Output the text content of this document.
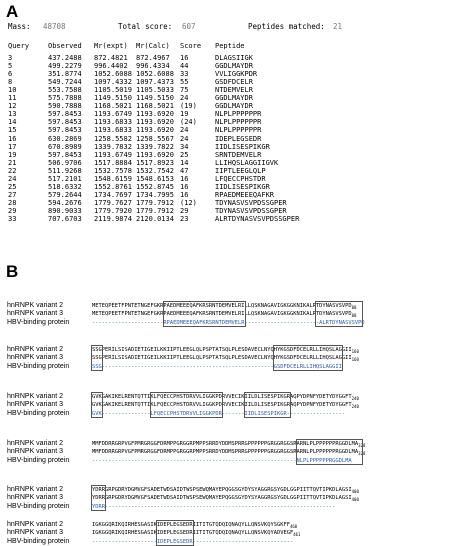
A
Mass: 48708	Total score: 607	Peptides matched: 21
Query	Observed	Mr(expt)	Mr(Calc)	Score	Peptide

3	437.2488	872.4821	872.4967	16	DLAGSIIGK
5	499.2279	996.4402	996.4334	44	GGDLMAYDR
6	351.8774	1052.6088	1052.6088	33	VVLIGGKPDR
8	549.7244	1097.4332	1097.4373	55	GSDFDCELR
10	553.7588	1105.5019	1105.5033	75	NTDEMVELR
11	575.7888	1149.5150	1149.5150	24	GGDLMAYDR
12	590.7888	1168.5021	1168.5021	(19)	GGDLMAYDR
13	597.8453	1193.6749	1193.6920	19	NLPLPPPPPPR
14	597.8453	1193.6833	1193.6920	(24)	NLPLPPPPPPR
15	597.8453	1193.6833	1193.6920	24	NLPLPPPPPPR
16	630.2869	1258.5582	1258.5567	24	IDEPLEGSEDR
17	670.8989	1339.7832	1339.7822	34	IIDLISESPIKGR
19	597.8453	1193.6749	1193.6920	25	SRNTDEMVELR
21	506.9706	1517.8884	1517.8923	14	LLIHQSLAGGIIGVK
22	511.9268	1532.7578	1532.7542	47	IIPTLEEGLQLP
24	517.2101	1548.6159	1548.6153	16	LFQECCPHSTDR
25	518.6332	1552.8761	1552.8745	16	IIDLISESPIKGR
27	579.2644	1734.7697	1734.7995	16	RPAEDMEEEQAFKR
28	594.2676	1779.7627	1779.7912	(12)	TDYNASVSVPDSSGPER
29	890.9033	1779.7920	1779.7912	29	TDYNASVSVPDSSGPER
33	707.6703	2119.9874	2120.0134	23	ALRTDYNASVSVPDSSGPER
B
hnRNPK variant 2	$METEQPEETFPNTETNGEFGKRPAEDMEEEQAFKRSRNTDEMVELRILLQSKNAGAVIGKGGKNIKALRTDYNASVSVPD_{80}$
hnRNPK variant 3	$METEQPEETFPNTETNGEFGKRPAEDMEEEQAFKRSRNTDEMVELRILLQSKNAGAVIGKGGKNIKALRTDYNASVSVPD_{80}$
HBV-binding protein	----------------------RPAEDMEEEQAFKRSRNTDEMVELR-----------------------ALRTDYNASVSVPD
hnRNPK variant 2	$SSGPERILSISADIETIGEILKKIIPTLEEGLQLPSPTATSQLPLESDAVECLNYQHYKGSDFDCELRLLIHQSLAGGII_{160}$
hnRNPK variant 3	$SSGPERILSISADIETIGEILKKIIPTLEEGLQLPSPTATSQLPLESDAVECLNYQHYKGSDFDCELRLLIHQSLAGGII_{160}$
HBV-binding protein	SSG-----------------------------------------------------GSDFDCELRLLIHQSLAGGII
hnRNPK variant 2	$GVKGAKIKELRENTQTTIKLFQECCPHSTDRVVLIGGKPDRVVECIKIILDLISESPIKGRAQPYDPNFYDETYDYGGFT_{240}$
hnRNPK variant 3	$GVKGAKIKELRENTQTTIKLFQECCPHSTDRVVLIGGKPDRVVECIKIILDLISESPIKGRAQPYDPNFYDETYDYGGFT_{240}$
HBV-binding protein	GVK---------------LFQECCPHSTDRVVLIGGKPDR-------IIDLISESPIKGR------------------
hnRNPK variant 2	$MMFDDRRGRPVGFPMRGRGGFDRMPPGRGGRPMPPSRRDYDDMSPRRGPPPPPPGRGGRGGSRARNLPLPPPPPPRGGDLMA_{320}$
hnRNPK variant 3	$MMFDDRRGRPVGFPMRGRGGFDRMPPGRGGRPMPPSRRDYDDMSPRRGPPPPPPGRGGRGGSRARNLPLPPPPPPRGGDLMA_{320}$
HBV-binding protein	---------------------------------------------------------------NLPLPPPPPPRGGDLMA
hnRNPK variant 2	$YDRRGRPGDRYDGMVGFSADETWDSAIDTWSPSEWQMAYEPQGGSGYDYSYAGGRGSYGDLGGPIITTQVTIPKDLAGSI_{400}$
hnRNPK variant 3	$YDRRGRPGDRYDGMVGFSADETWDSAIDTWSPSEWQMAYEPQGGSGYDYSYAGGRGSYGDLGGPIITTQVTIPKDLAGSI_{400}$
HBV-binding protein	YDRR-----------------------------------------------------------------------
hnRNPK variant 2	$IGKGGQRIKQIRHESGASIKIDEPLEGSEDRIITITGTQDQIQNAQYLLQNSVKQYSGKFF_{460}$
hnRNPK variant 3	$IGKGGQRIKQIRHESGASIKIDEPLEGSEDRIITITGTQDQIQNAQYLLQNSVKQYADVEGF_{461}$
HBV-binding protein	--------------------IDEPLEGSEDR-------------------------------
